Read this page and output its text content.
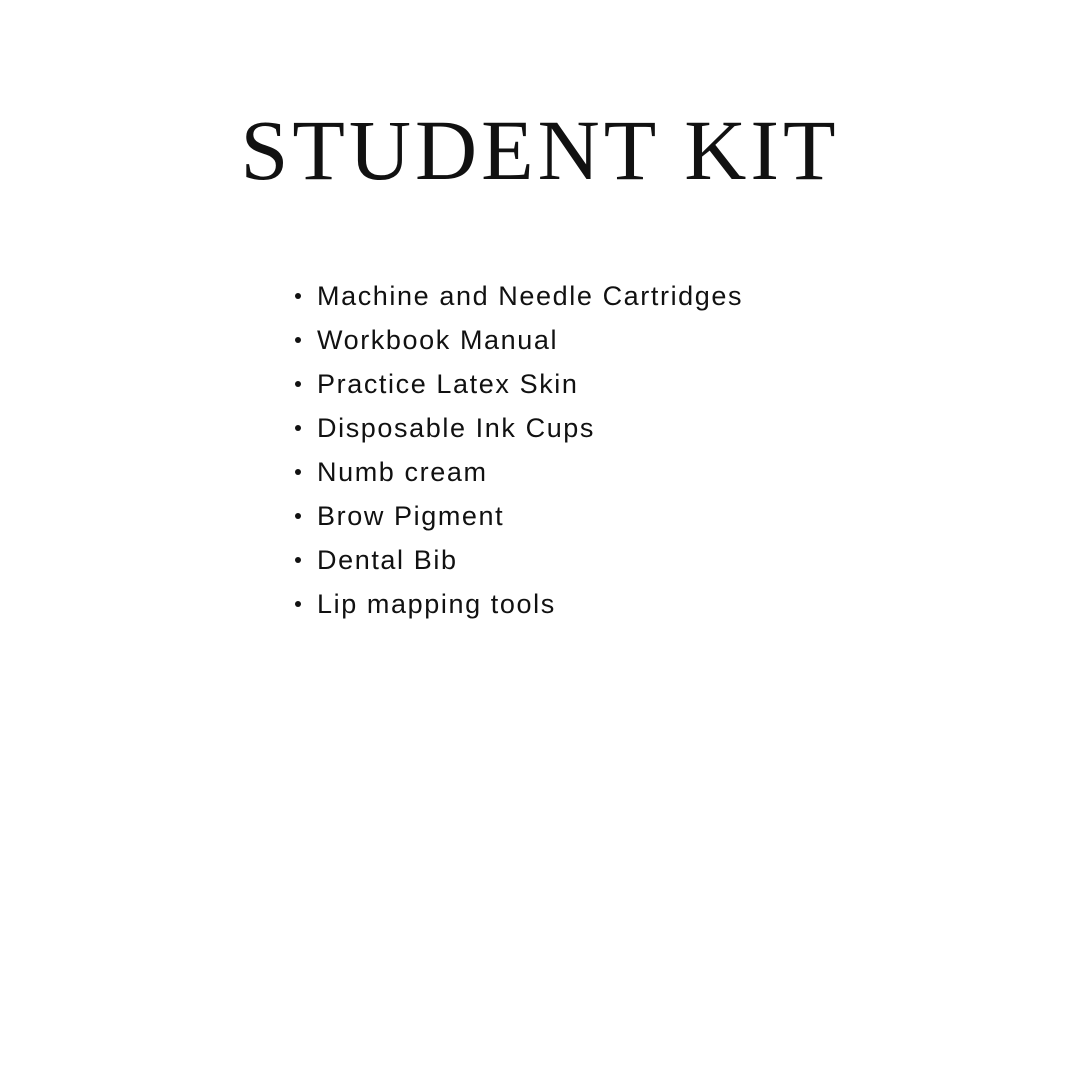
STUDENT KIT
Machine and Needle Cartridges
Workbook Manual
Practice Latex Skin
Disposable Ink Cups
Numb cream
Brow Pigment
Dental Bib
Lip mapping tools
